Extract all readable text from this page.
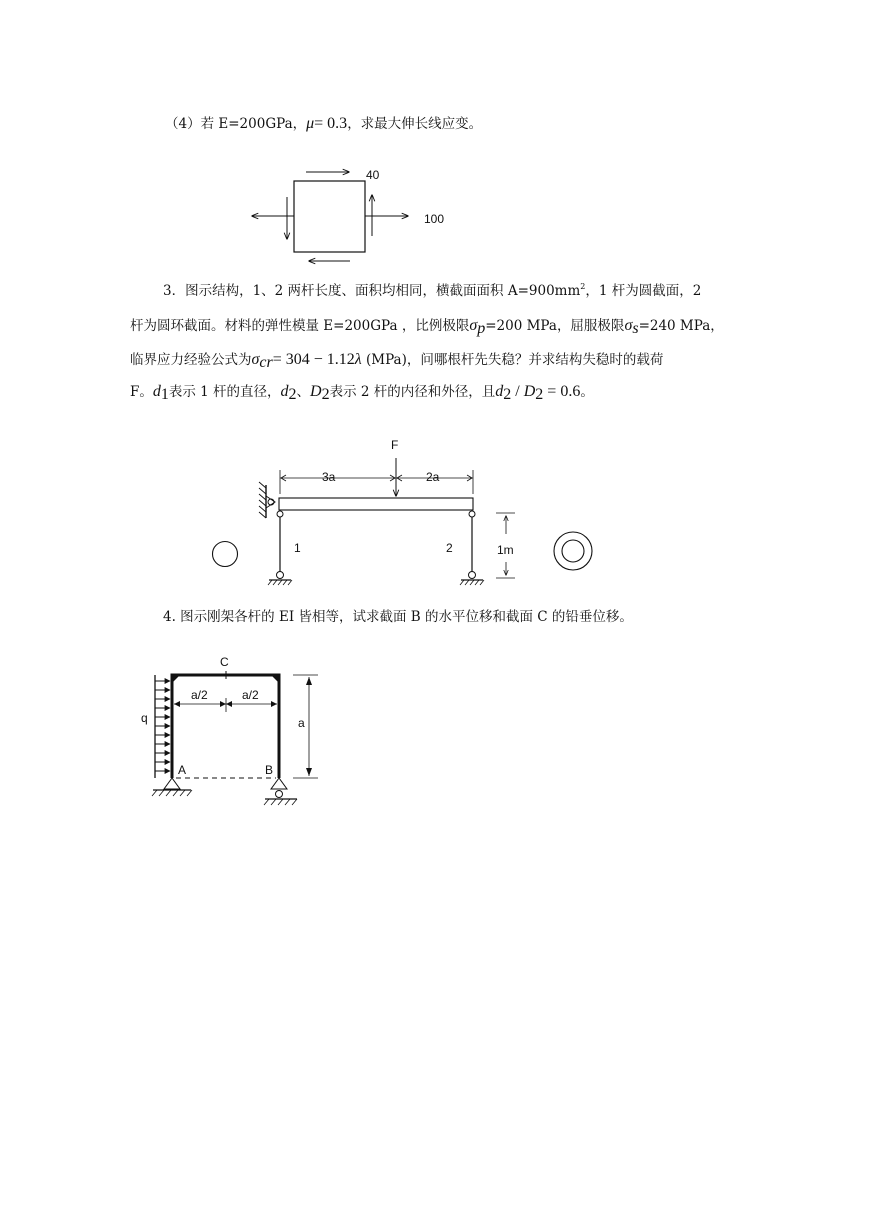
（4）若 E=200GPa，μ= 0.3，求最大伸长线应变。
40
100
3．图示结构，1、2 两杆长度、面积均相同，横截面面积 $A=900mm^2$，1 杆为圆截面，2
杆为圆环截面。材料的弹性模量 E=200GPa ，比例极限$\sigma_p=200$ MPa，屈服极限$\sigma_s=240$ MPa，
临界应力经验公式为$\sigma_{cr}= 304 - 1.12\lambda$ (MPa)，问哪根杆先失稳？并求结构失稳时的载荷
F。$d_1$表示 1 杆的直径，$d_2$、$D_2$表示 2 杆的内径和外径，且$d_2 / D_2 = 0.6$。
F
3a	2a
1	2	1m
4. 图示刚架各杆的 EI 皆相等，试求截面 B 的水平位移和截面 C 的铅垂位移。
C
a/2	a/2
q	a
A	B
